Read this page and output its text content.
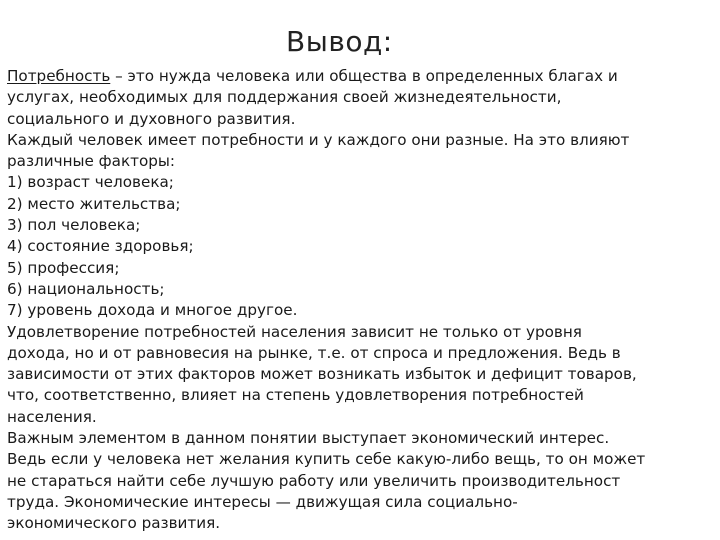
Вывод:
Потребность – это нужда человека или общества в определенных благах и
услугах, необходимых для поддержания своей жизнедеятельности,
социального и духовного развития.
Каждый человек имеет потребности и у каждого они разные. На это влияют
различные факторы:
1) возраст человека;
2) место жительства;
3) пол человека;
4) состояние здоровья;
5) профессия;
6) национальность;
7) уровень дохода и многое другое.
Удовлетворение потребностей населения зависит не только от уровня
дохода, но и от равновесия на рынке, т.е. от спроса и предложения. Ведь в
зависимости от этих факторов может возникать избыток и дефицит товаров,
что, соответственно, влияет на степень удовлетворения потребностей
населения.
Важным элементом в данном понятии выступает экономический интерес.
Ведь если у человека нет желания купить себе какую-либо вещь, то он может
не стараться найти себе лучшую работу или увеличить производительност
труда. Экономические интересы — движущая сила социально-
экономического развития.
